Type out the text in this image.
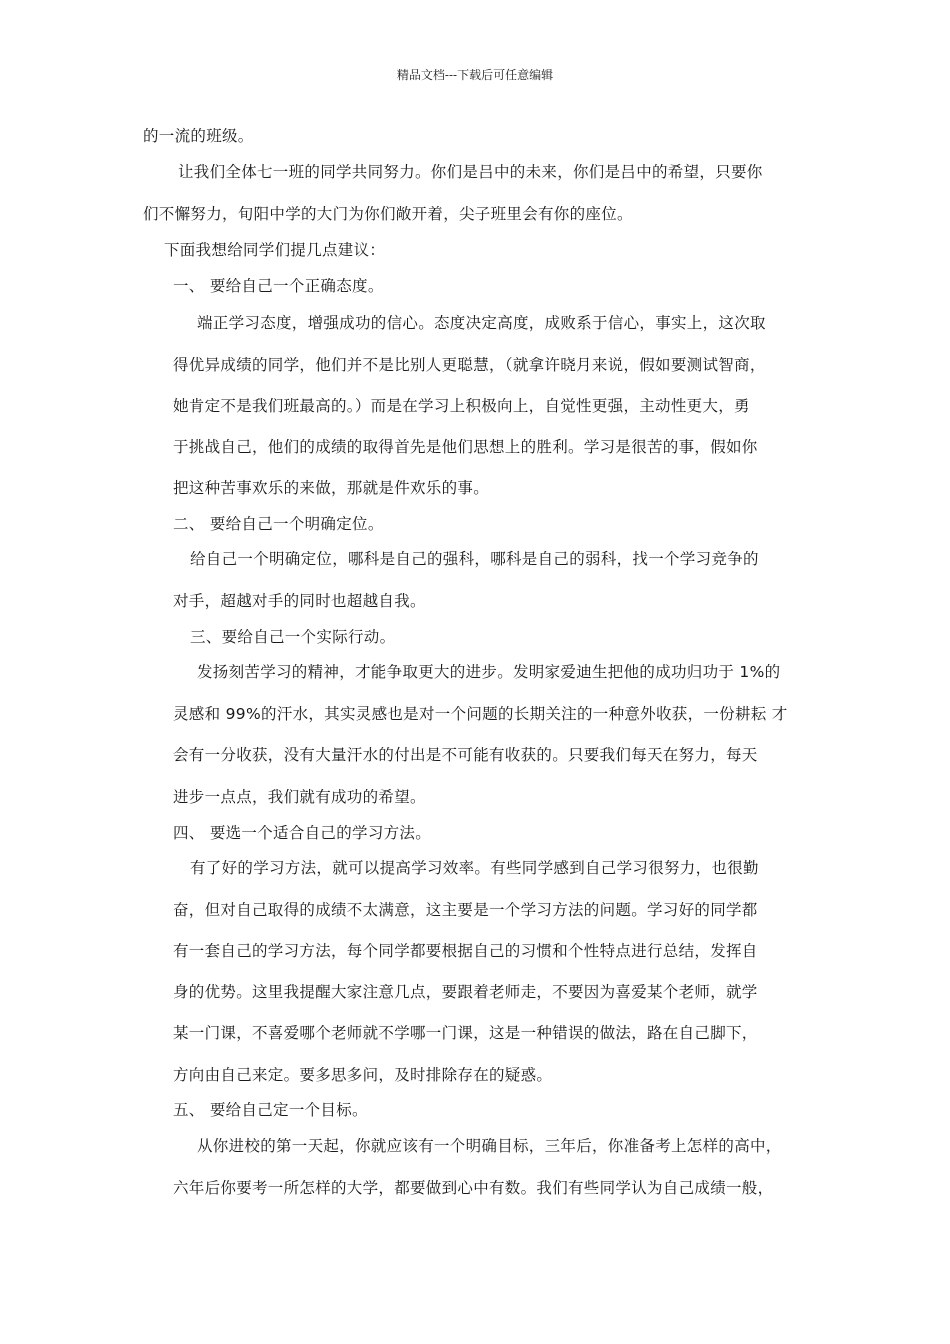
精品文档---下载后可任意编辑
的一流的班级。
让我们全体七一班的同学共同努力。你们是吕中的未来，你们是吕中的希望，只要你
们不懈努力，旬阳中学的大门为你们敞开着，尖子班里会有你的座位。
下面我想给同学们提几点建议：
一、 要给自己一个正确态度。
端正学习态度，增强成功的信心。态度决定高度，成败系于信心，事实上，这次取
得优异成绩的同学，他们并不是比别人更聪慧，（就拿许晓月来说，假如要测试智商，
她肯定不是我们班最高的。）而是在学习上积极向上，自觉性更强，主动性更大，勇
于挑战自己，他们的成绩的取得首先是他们思想上的胜利。学习是很苦的事，假如你
把这种苦事欢乐的来做，那就是件欢乐的事。
二、 要给自己一个明确定位。
给自己一个明确定位，哪科是自己的强科，哪科是自己的弱科，找一个学习竞争的
对手，超越对手的同时也超越自我。
三、要给自己一个实际行动。
发扬刻苦学习的精神，才能争取更大的进步。发明家爱迪生把他的成功归功于 1%的
灵感和 99%的汗水，其实灵感也是对一个问题的长期关注的一种意外收获，一份耕耘 才
会有一分收获，没有大量汗水的付出是不可能有收获的。只要我们每天在努力，每天
进步一点点，我们就有成功的希望。
四、 要选一个适合自己的学习方法。
有了好的学习方法，就可以提高学习效率。有些同学感到自己学习很努力，也很勤
奋，但对自己取得的成绩不太满意，这主要是一个学习方法的问题。学习好的同学都
有一套自己的学习方法，每个同学都要根据自己的习惯和个性特点进行总结，发挥自
身的优势。这里我提醒大家注意几点，要跟着老师走，不要因为喜爱某个老师，就学
某一门课，不喜爱哪个老师就不学哪一门课，这是一种错误的做法，路在自己脚下，
方向由自己来定。要多思多问，及时排除存在的疑惑。
五、 要给自己定一个目标。
从你进校的第一天起，你就应该有一个明确目标，三年后，你准备考上怎样的高中，
六年后你要考一所怎样的大学，都要做到心中有数。我们有些同学认为自己成绩一般，
